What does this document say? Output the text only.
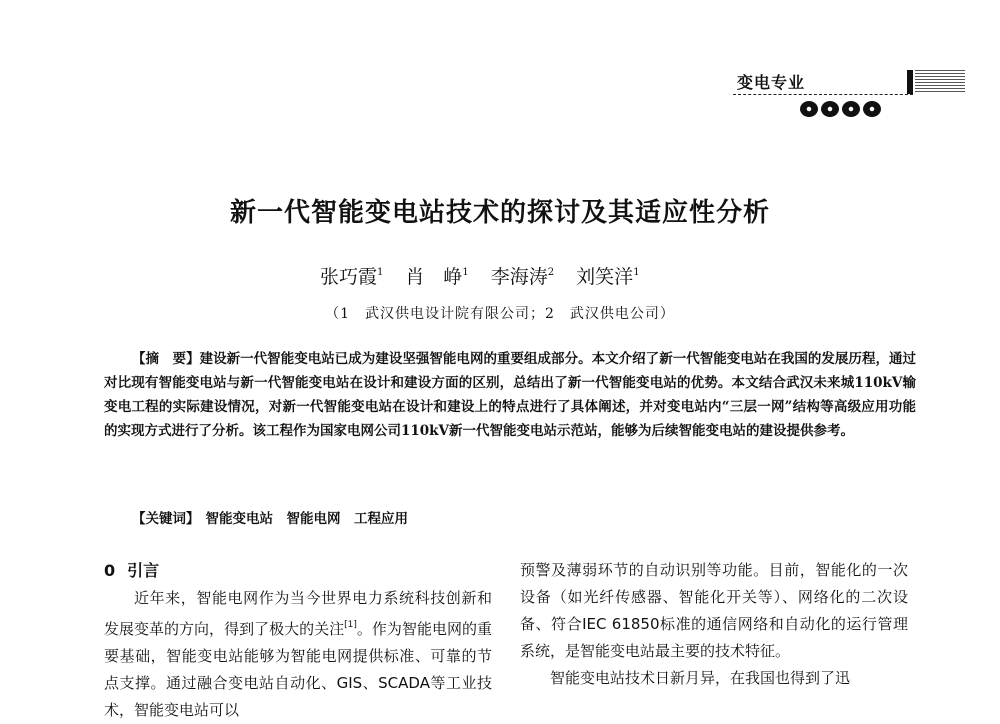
变电专业
新一代智能变电站技术的探讨及其适应性分析
张巧霞$^1$ 肖　峥$^1$ 李海涛$^2$ 刘笑洋$^1$
（1　武汉供电设计院有限公司；2　武汉供电公司）
【摘　要】建设新一代智能变电站已成为建设坚强智能电网的重要组成部分。本文介绍了新一代智能变电站在我国的发展历程，通过对比现有智能变电站与新一代智能变电站在设计和建设方面的区别，总结出了新一代智能变电站的优势。本文结合武汉未来城110kV输变电工程的实际建设情况，对新一代智能变电站在设计和建设上的特点进行了具体阐述，并对变电站内“三层一网”结构等高级应用功能的实现方式进行了分析。该工程作为国家电网公司110kV新一代智能变电站示范站，能够为后续智能变电站的建设提供参考。
【关键词】 智能变电站　智能电网　工程应用
0 引言

近年来，智能电网作为当今世界电力系统科技创新和发展变革的方向，得到了极大的关注[1]。作为智能电网的重要基础，智能变电站能够为智能电网提供标准、可靠的节点支撑。通过融合变电站自动化、GIS、SCADA等工业技术，智能变电站可以

预警及薄弱环节的自动识别等功能。目前，智能化的一次设备（如光纤传感器、智能化开关等）、网络化的二次设备、符合IEC 61850标准的通信网络和自动化的运行管理系统，是智能变电站最主要的技术特征。

智能变电站技术日新月异，在我国也得到了迅
